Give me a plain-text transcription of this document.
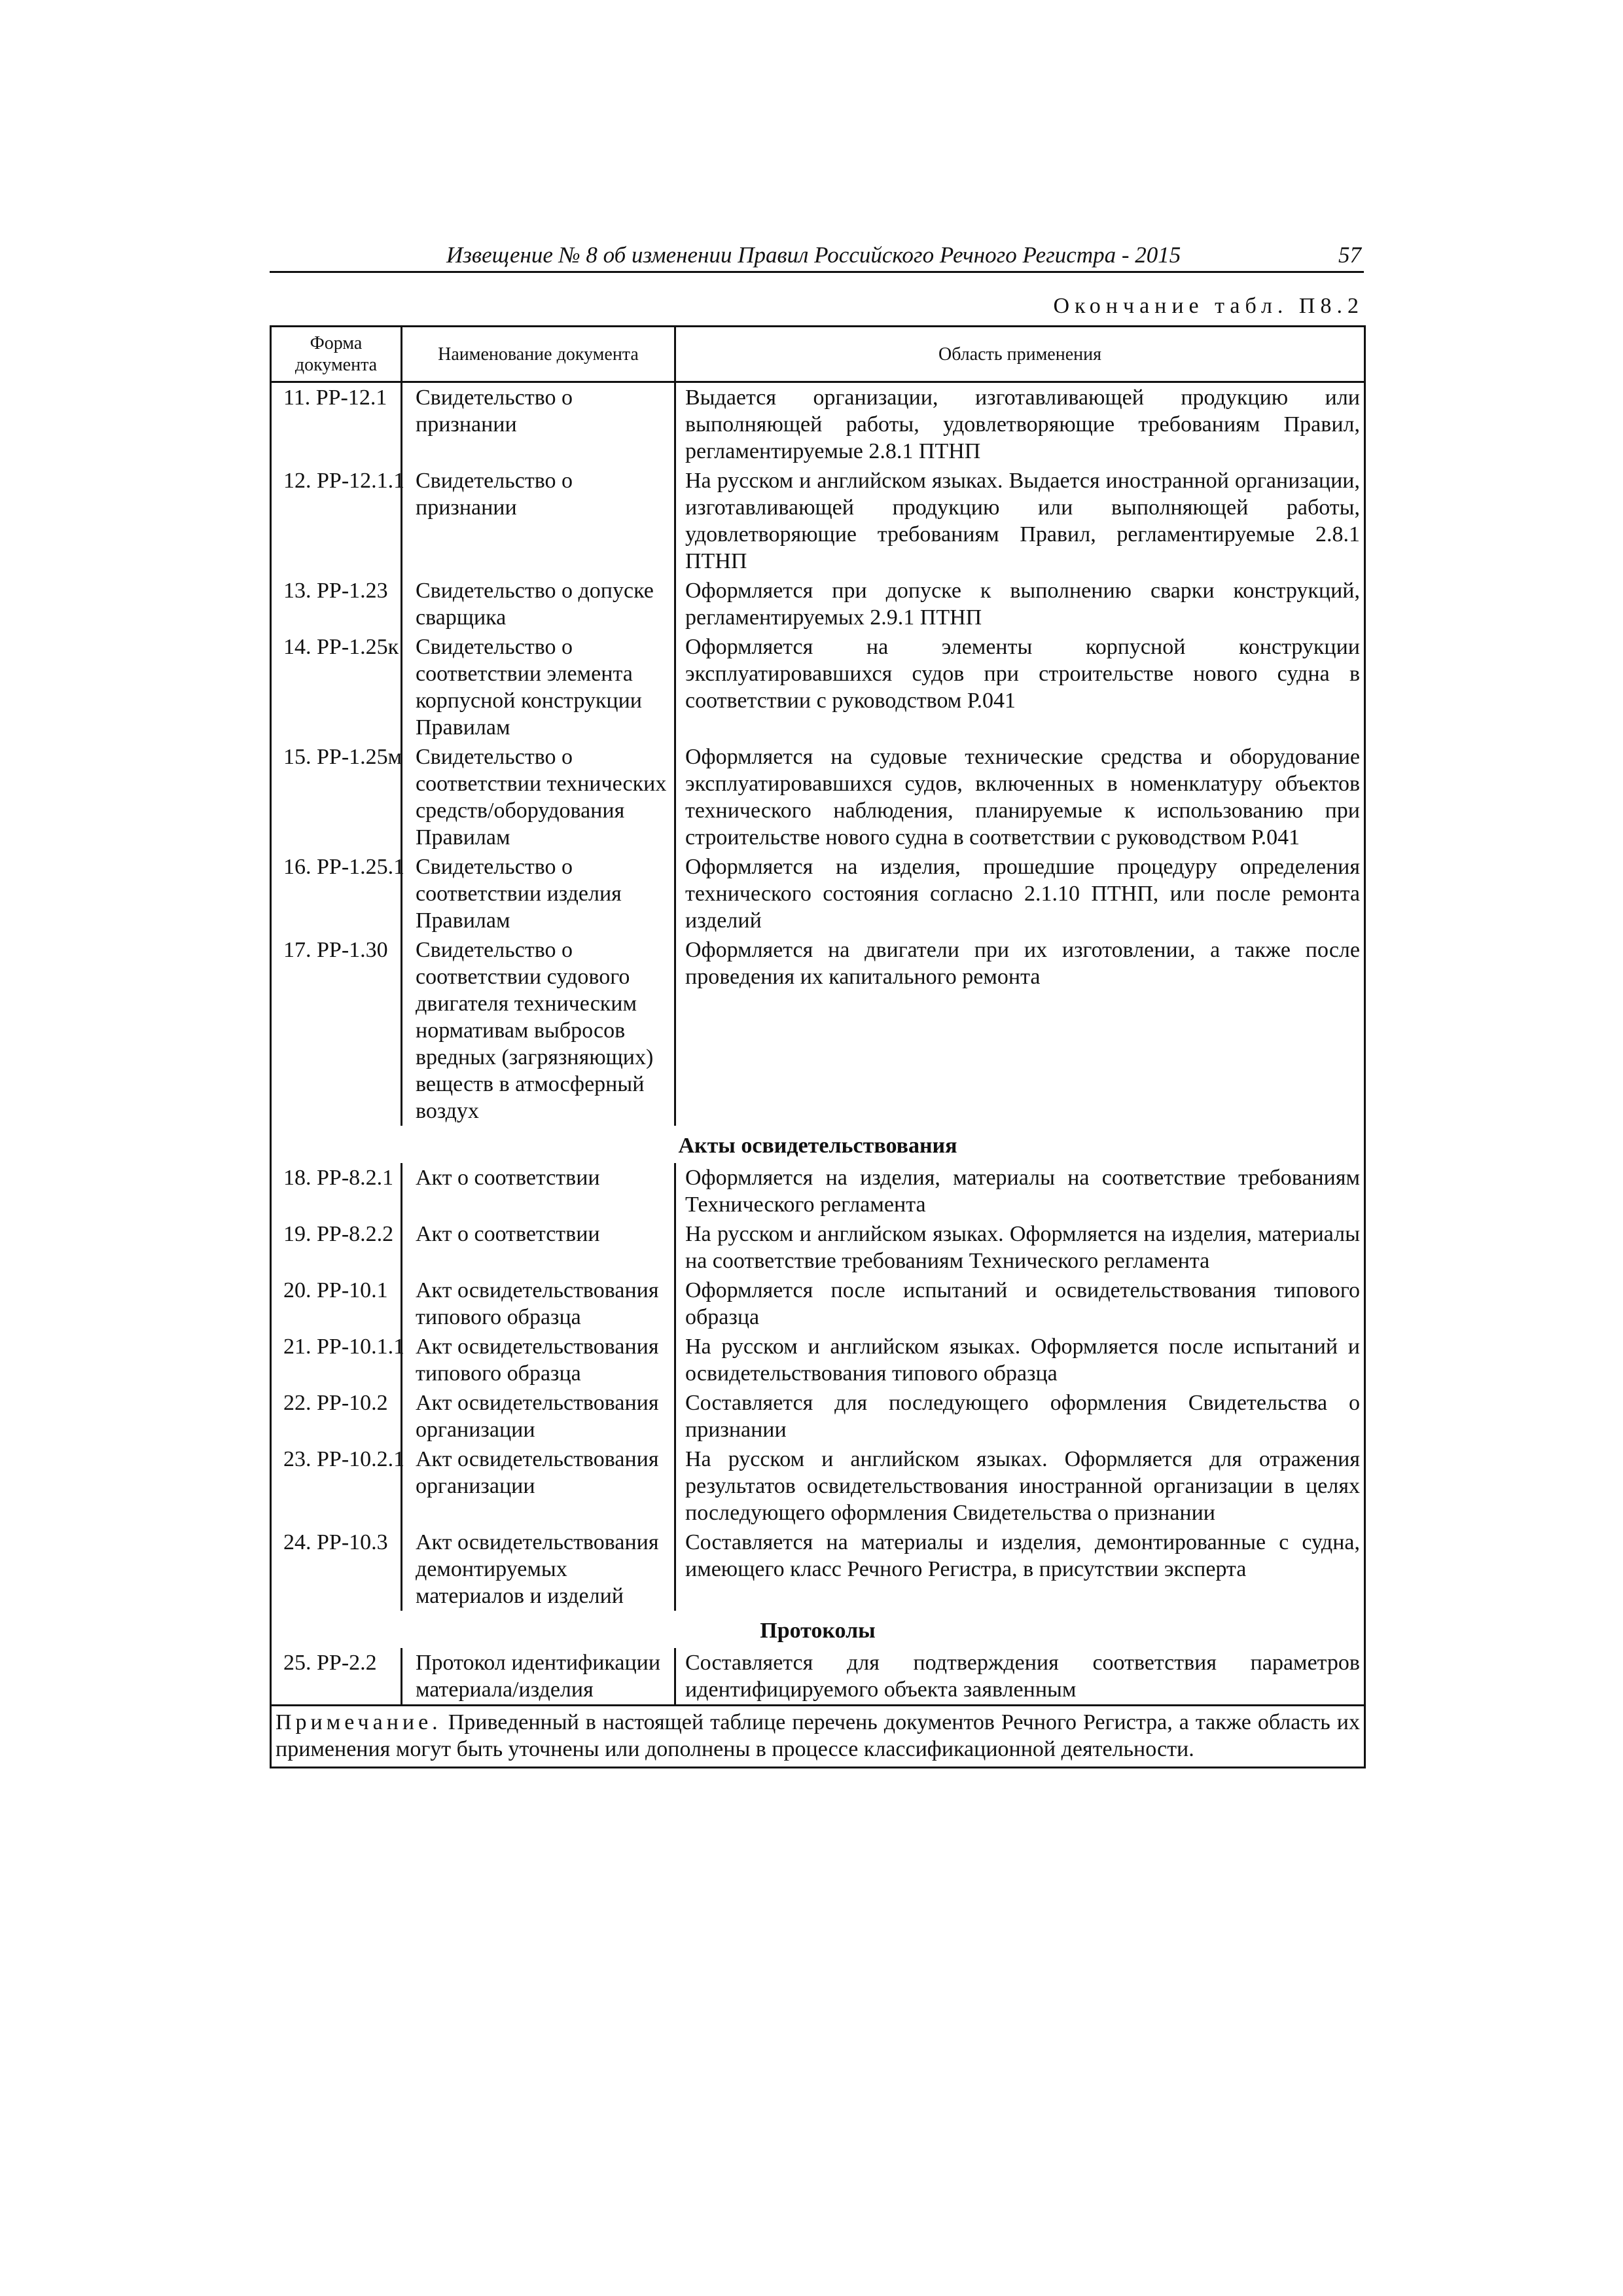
Извещение № 8 об изменении Правил Российского Речного Регистра - 2015	57
Окончание табл. П8.2
Форма документа	Наименование документа	Область применения
11. РР-12.1	Свидетельство о признании	Выдается организации, изготавливающей продукцию или выполняющей работы, удовлетворяющие требованиям Правил, регламентируемые 2.8.1 ПТНП
12. РР-12.1.1	Свидетельство о признании	На русском и английском языках. Выдается иностранной организации, изготавливающей продукцию или выполняющей работы, удовлетворяющие требованиям Правил, регламентируемые 2.8.1 ПТНП
13. РР-1.23	Свидетельство о допуске сварщика	Оформляется при допуске к выполнению сварки конструкций, регламентируемых 2.9.1 ПТНП
14. РР-1.25к	Свидетельство о соответствии элемента корпусной конструкции Правилам	Оформляется на элементы корпусной конструкции эксплуатировавшихся судов при строительстве нового судна в соответствии с руководством Р.041
15. РР-1.25м	Свидетельство о соответствии технических средств/оборудования Правилам	Оформляется на судовые технические средства и оборудование эксплуатировавшихся судов, включенных в номенклатуру объектов технического наблюдения, планируемые к использованию при строительстве нового судна в соответствии с руководством Р.041
16. РР-1.25.1	Свидетельство о соответствии изделия Правилам	Оформляется на изделия, прошедшие процедуру определения технического состояния согласно 2.1.10 ПТНП, или после ремонта изделий
17. РР-1.30	Свидетельство о соответствии судового двигателя техническим нормативам выбросов вредных (загрязняющих) веществ в атмосферный воздух	Оформляется на двигатели при их изготовлении, а также после проведения их капитального ремонта
Акты освидетельствования		
18. РР-8.2.1	Акт о соответствии	Оформляется на изделия, материалы на соответствие требованиям Технического регламента
19. РР-8.2.2	Акт о соответствии	На русском и английском языках. Оформляется на изделия, материалы на соответствие требованиям Технического регламента
20. РР-10.1	Акт освидетельствования типового образца	Оформляется после испытаний и освидетельствования типового образца
21. РР-10.1.1	Акт освидетельствования типового образца	На русском и английском языках. Оформляется после испытаний и освидетельствования типового образца
22. РР-10.2	Акт освидетельствования организации	Составляется для последующего оформления Свидетельства о признании
23. РР-10.2.1	Акт освидетельствования организации	На русском и английском языках. Оформляется для отражения результатов освидетельствования иностранной организации в целях последующего оформления Свидетельства о признании
24. РР-10.3	Акт освидетельствования демонтируемых материалов и изделий	Составляется на материалы и изделия, демонтированные с судна, имеющего класс Речного Регистра, в присутствии эксперта
Протоколы		
25. РР-2.2	Протокол идентификации материала/изделия	Составляется для подтверждения соответствия параметров идентифицируемого объекта заявленным
Примечание. Приведенный в настоящей таблице перечень документов Речного Регистра, а также область их применения могут быть уточнены или дополнены в процессе классификационной деятельности.		
